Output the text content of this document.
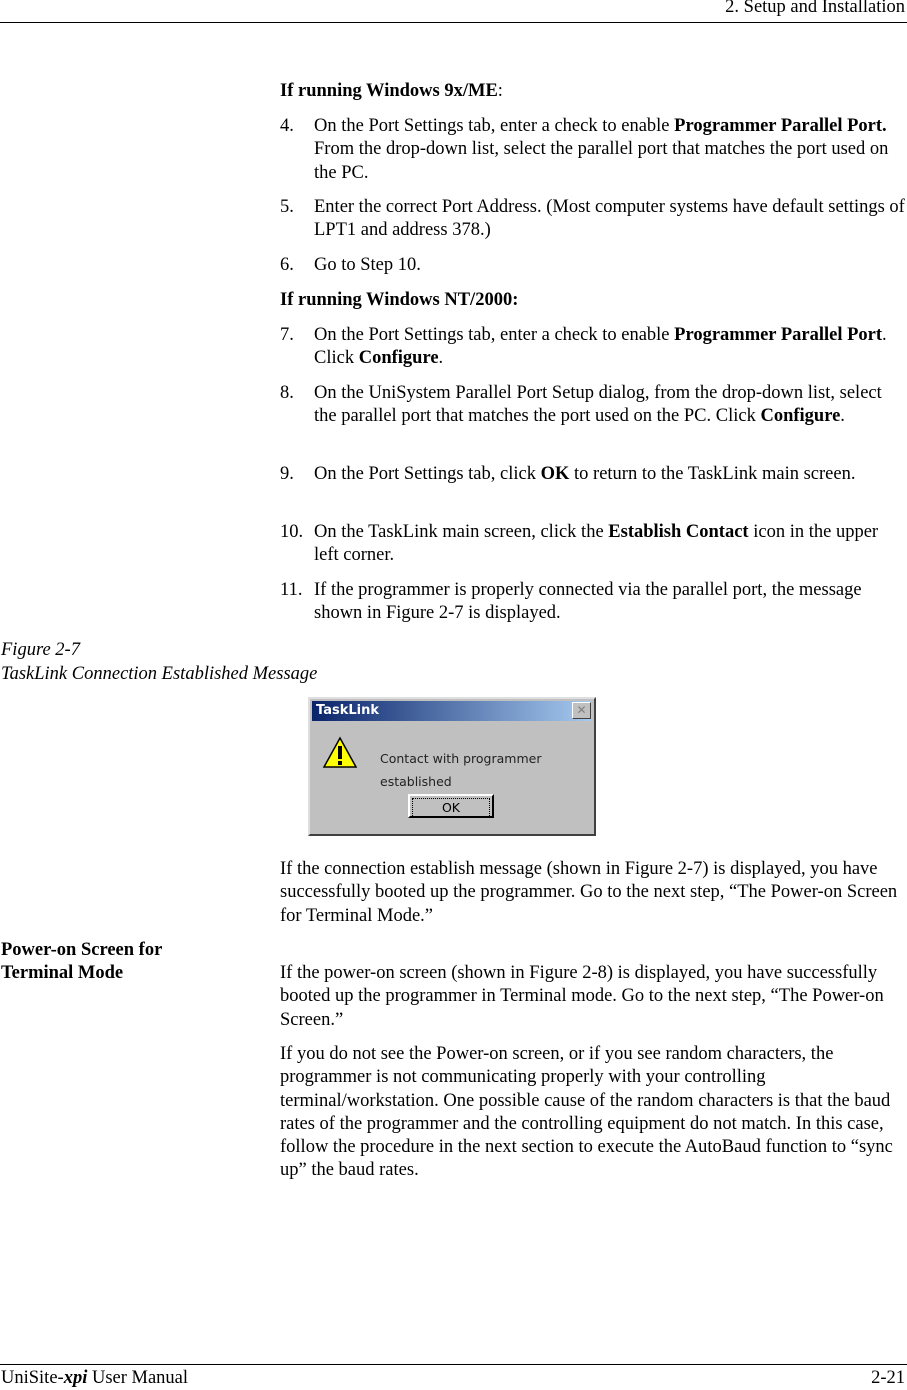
2. Setup and Installation
If running Windows 9x/ME:
4. On the Port Settings tab, enter a check to enable Programmer Parallel Port. From the drop-down list, select the parallel port that matches the port used on the PC.
5. Enter the correct Port Address. (Most computer systems have default settings of LPT1 and address 378.)
6. Go to Step 10.
7. On the Port Settings tab, enter a check to enable Programmer Parallel Port. Click Configure.
8. On the UniSystem Parallel Port Setup dialog, from the drop-down list, select the parallel port that matches the port used on the PC. Click Configure.
9. On the Port Settings tab, click OK to return to the TaskLink main screen.
10. On the TaskLink main screen, click the Establish Contact icon in the upper left corner.
11. If the programmer is properly connected via the parallel port, the message shown in Figure 2-7 is displayed.
If running Windows NT/2000:
Figure 2-7
TaskLink Connection Established Message
TaskLink	✕
Contact with programmer established
OK
If the connection establish message (shown in Figure 2-7) is displayed, you have successfully booted up the programmer. Go to the next step, “The Power-on Screen for Terminal Mode.”
Power-on Screen for
Terminal Mode	If the power-on screen (shown in Figure 2-8) is displayed, you have successfully booted up the programmer in Terminal mode. Go to the next step, “The Power-on Screen.”
If you do not see the Power-on screen, or if you see random characters, the programmer is not communicating properly with your controlling terminal/workstation. One possible cause of the random characters is that the baud rates of the programmer and the controlling equipment do not match. In this case, follow the procedure in the next section to execute the AutoBaud function to “sync up” the baud rates.
UniSite-xpi User Manual	2-21
